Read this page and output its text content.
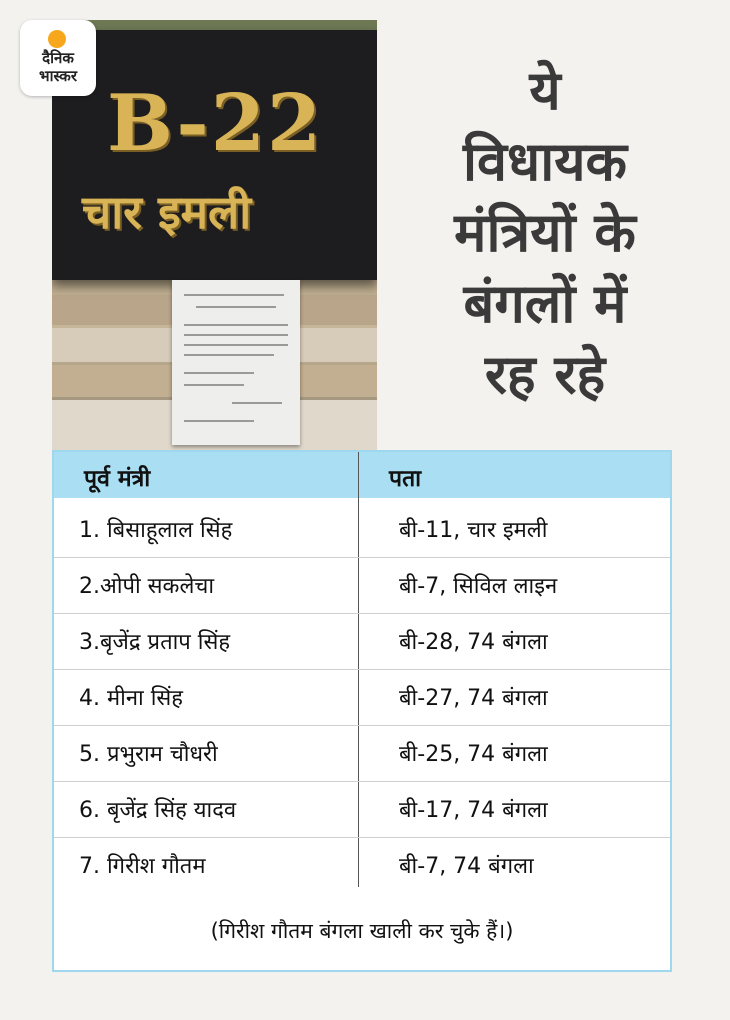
B-22
चार इमली
दैनिक
भास्कर	ये
विधायक
मंत्रियों के
बंगलों में
रह रहे
पूर्व मंत्री	पता
1. बिसाहूलाल सिंह	बी-11, चार इमली
2.ओपी सकलेचा	बी-7, सिविल लाइन
3.बृजेंद्र प्रताप सिंह	बी-28, 74 बंगला
4. मीना सिंह	बी-27, 74 बंगला
5. प्रभुराम चौधरी	बी-25, 74 बंगला
6. बृजेंद्र सिंह यादव	बी-17, 74 बंगला
7. गिरीश गौतम	बी-7, 74 बंगला
(गिरीश गौतम बंगला खाली कर चुके हैं।)
